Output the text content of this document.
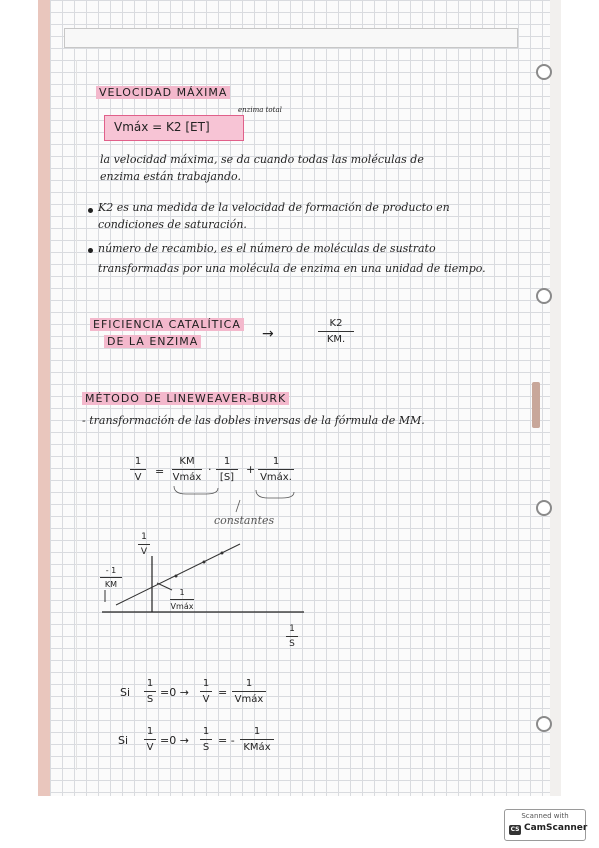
VELOCIDAD MÁXIMA
enzima total
Vmáx = K2 [ET]
la velocidad máxima, se da cuando todas las moléculas de
enzima están trabajando.
K2 es una medida de la velocidad de formación de producto en
condiciones de saturación.
número de recambio, es el número de moléculas de sustrato
transformadas por una molécula de enzima en una unidad de tiempo.
EFICIENCIA CATALÍTICA
DE LA ENZIMA	→
K2
KM.
MÉTODO DE LINEWEAVER-BURK
- transformación de las dobles inversas de la fórmula de MM.
1
V	=
KM
Vmáx
·
1
[S]
+
1
Vmáx.
constantes
1
V
1
S
- 1
KM
1
Vmáx
Si
1
S
=0 →
1
V
=
1
Vmáx
Si
1
V
=0 →
1
S
= -
1
KMáx
Scanned with
CS CamScanner
